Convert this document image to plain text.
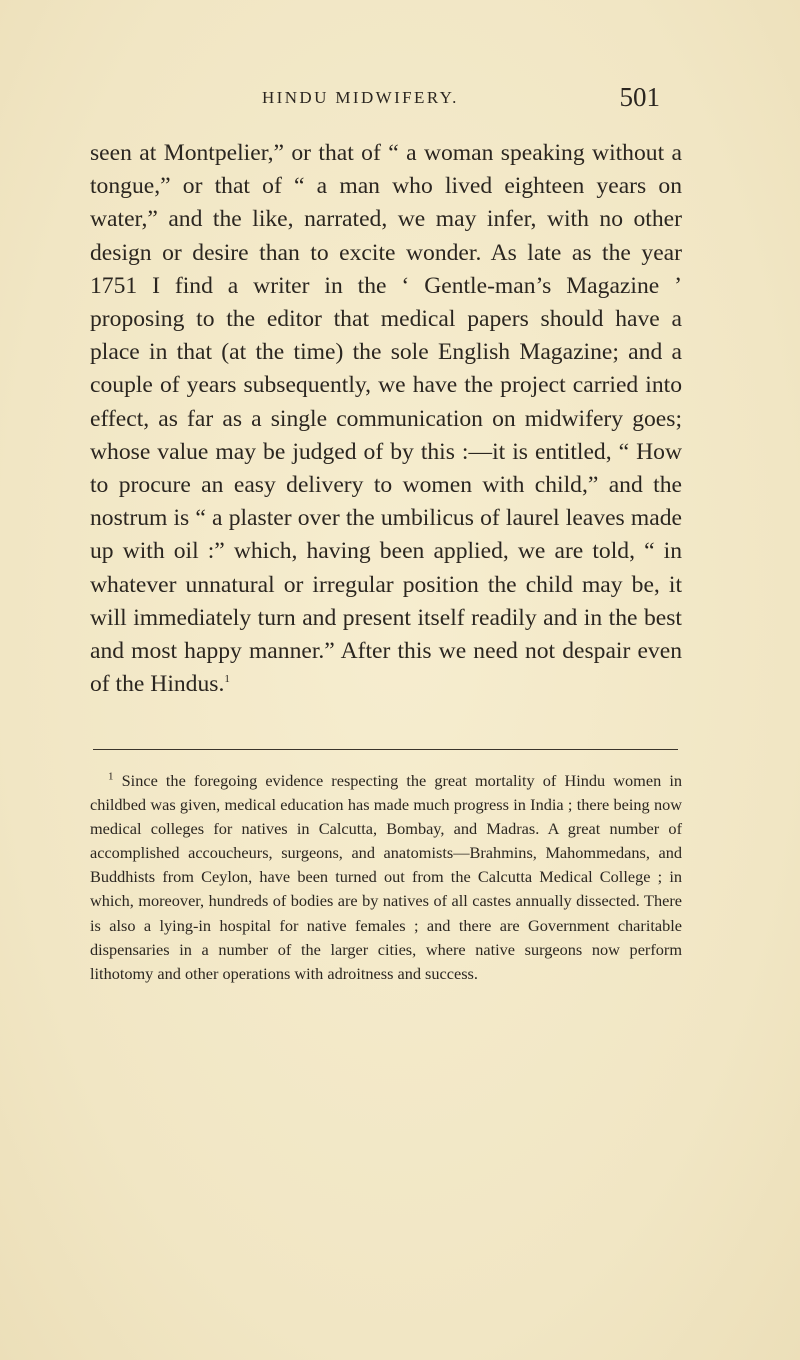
HINDU MIDWIFERY.	501

seen at Montpelier,” or that of “ a woman speaking without a tongue,” or that of “ a man who lived eighteen years on water,” and the like, narrated, we may infer, with no other design or desire than to excite wonder. As late as the year 1751 I find a writer in the ‘ Gentle-man’s Magazine ’ proposing to the editor that medical papers should have a place in that (at the time) the sole English Magazine; and a couple of years subsequently, we have the project carried into effect, as far as a single communication on midwifery goes; whose value may be judged of by this :—it is entitled, “ How to procure an easy delivery to women with child,” and the nostrum is “ a plaster over the umbilicus of laurel leaves made up with oil :” which, having been applied, we are told, “ in whatever unnatural or irregular position the child may be, it will immediately turn and present itself readily and in the best and most happy manner.” After this we need not despair even of the Hindus.$^1$

$^1$ Since the foregoing evidence respecting the great mortality of Hindu women in childbed was given, medical education has made much progress in India ; there being now medical colleges for natives in Calcutta, Bombay, and Madras. A great number of accomplished accoucheurs, surgeons, and anatomists—Brahmins, Mahommedans, and Buddhists from Ceylon, have been turned out from the Calcutta Medical College ; in which, moreover, hundreds of bodies are by natives of all castes annually dissected. There is also a lying-in hospital for native females ; and there are Government charitable dispensaries in a number of the larger cities, where native surgeons now perform lithotomy and other operations with adroitness and success.
